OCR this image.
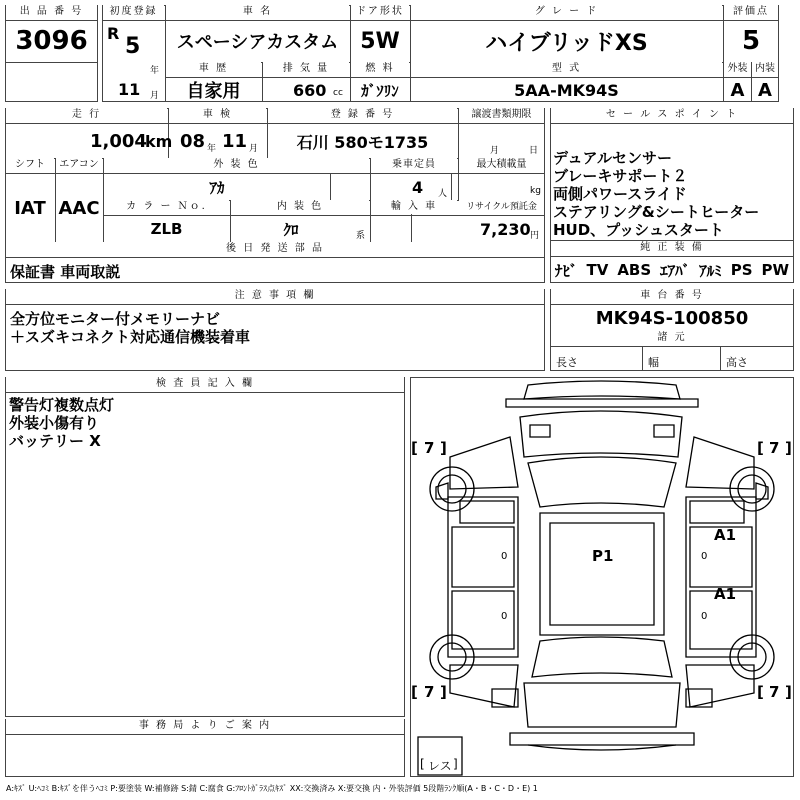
出 品 番 号
3096
初度登録
R
5
年
11 月
車 名
スペーシアカスタム
ドア形状
5W
グ レ ー ド
ハイブリッドXS
評価点
5
車 歴
自家用
排 気 量
660 cc
燃 料
ｶﾞｿﾘﾝ
型 式
5AA-MK94S
外装 内装
A A
走 行
1,004
km
車 検
08 年 11 月
登 録 番 号
石川 580モ1735
譲渡書類期限
月	日
シフト
IAT
エアコン
AAC
外 装 色
ｱｶ
乗車定員
4 人
最大積載量
kg
カ ラ ー Ｎｏ.
ZLB
内 装 色
ｸﾛ	系
輸 入 車	リサイクル預託金
7,230 円
後 日 発 送 部 品
保証書 車両取説
セ ー ル ス ポ イ ン ト
デュアルセンサー
ブレーキサポート２
両側パワースライド
ステアリング&シートヒーター
HUD、プッシュスタート
純 正 装 備
ﾅﾋﾞ TV ABS ｴｱﾊﾞ ｱﾙﾐ PS PW
注 意 事 項 欄
全方位モニター付メモリーナビ
＋スズキコネクト対応通信機装着車
車 台 番 号
MK94S-100850
諸 元
長さ	幅	高さ
検 査 員 記 入 欄
警告灯複数点灯
外装小傷有り
バッテリー X
事 務 局 よ り ご 案 内
[ 7 ]	[ 7 ]
[ 7 ]	[ 7 ]
[ レス ]
P1
A1
A1
0
0
0
0
A:ｷｽﾞ U:ﾍｺﾐ B:ｷｽﾞを伴うﾍｺﾐ P:要塗装 W:補修跡 S:錆 C:腐食 G:ﾌﾛﾝﾄｶﾞﾗｽ点ｷｽﾞ XX:交換済み X:要交換 内・外装評価 5段階ﾗﾝｸ順(A・B・C・D・E) 1
